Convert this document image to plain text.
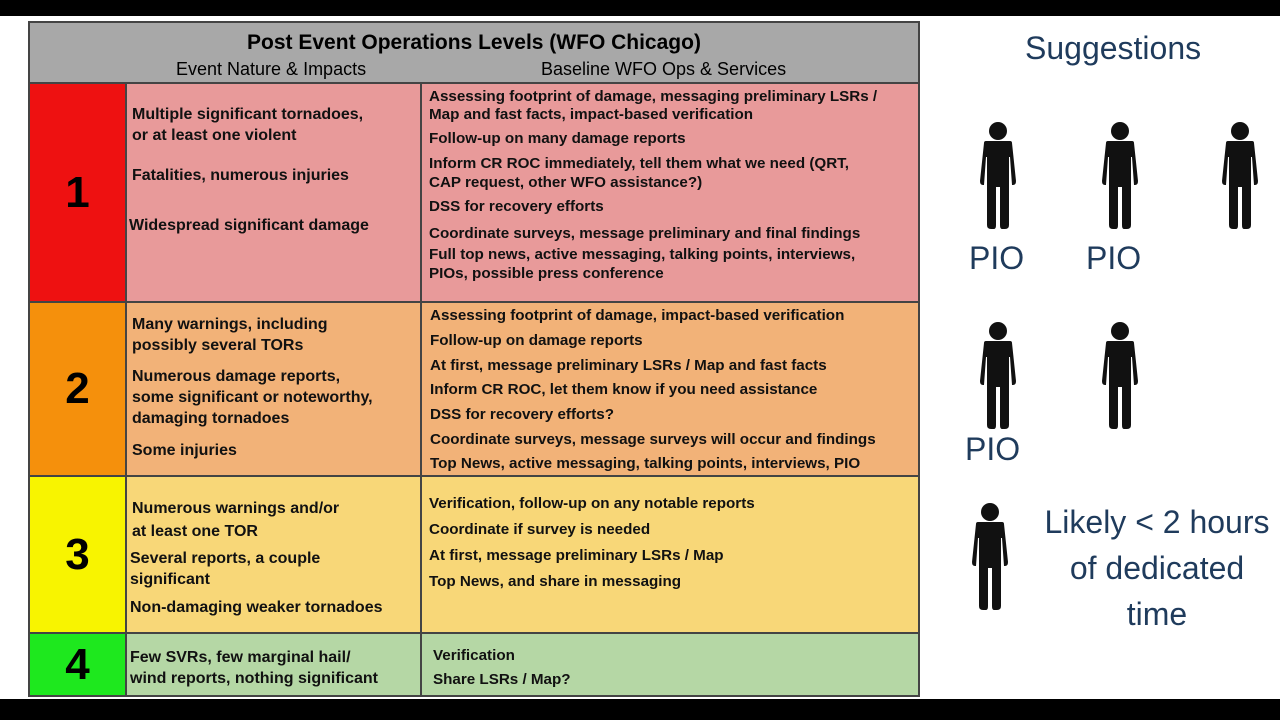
Post Event Operations Levels (WFO Chicago)
Event Nature & Impacts	Baseline WFO Ops & Services
1
Multiple significant tornadoes,
or at least one violent
Fatalities, numerous injuries
Widespread significant damage
Assessing footprint of damage, messaging preliminary LSRs /
Map and fast facts, impact-based verification
Follow-up on many damage reports
Inform CR ROC immediately, tell them what we need (QRT,
CAP request, other WFO assistance?)
DSS for recovery efforts
Coordinate surveys, message preliminary and final findings
Full top news, active messaging, talking points, interviews,
PIOs, possible press conference
2
Many warnings, including
possibly several TORs
Numerous damage reports,
some significant or noteworthy,
damaging tornadoes
Some injuries
Assessing footprint of damage, impact-based verification
Follow-up on damage reports
At first, message preliminary LSRs / Map and fast facts
Inform CR ROC, let them know if you need assistance
DSS for recovery efforts?
Coordinate surveys, message surveys will occur and findings
Top News, active messaging, talking points, interviews, PIO
3
Numerous warnings and/or
at least one TOR
Several reports, a couple
significant
Non-damaging weaker tornadoes
Verification, follow-up on any notable reports
Coordinate if survey is needed
At first, message preliminary LSRs / Map
Top News, and share in messaging
4	Few SVRs, few marginal hail/
wind reports, nothing significant
Verification
Share LSRs / Map?
Suggestions
PIO PIO
PIO
Likely < 2 hours
of dedicated
time
